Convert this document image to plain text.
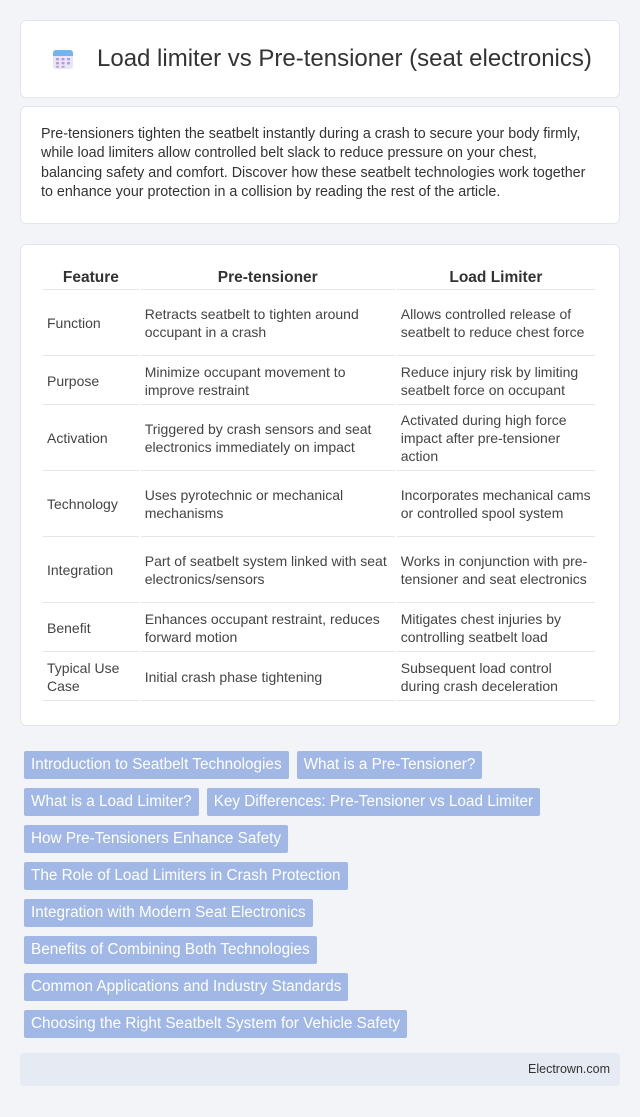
Load limiter vs Pre-tensioner (seat electronics)

Pre-tensioners tighten the seatbelt instantly during a crash to secure your body firmly, while load limiters allow controlled belt slack to reduce pressure on your chest, balancing safety and comfort. Discover how these seatbelt technologies work together to enhance your protection in a collision by reading the rest of the article.

Feature	Pre-tensioner	Load Limiter
Function	Retracts seatbelt to tighten around occupant in a crash	Allows controlled release of seatbelt to reduce chest force
Purpose	Minimize occupant movement to improve restraint	Reduce injury risk by limiting seatbelt force on occupant
Activation	Triggered by crash sensors and seat electronics immediately on impact	Activated during high force impact after pre-tensioner action
Technology	Uses pyrotechnic or mechanical mechanisms	Incorporates mechanical cams or controlled spool system
Integration	Part of seatbelt system linked with seat electronics/sensors	Works in conjunction with pre-tensioner and seat electronics
Benefit	Enhances occupant restraint, reduces forward motion	Mitigates chest injuries by controlling seatbelt load
Typical Use Case	Initial crash phase tightening	Subsequent load control during crash deceleration
Introduction to Seatbelt Technologies	What is a Pre-Tensioner?
What is a Load Limiter?	Key Differences: Pre-Tensioner vs Load Limiter
How Pre-Tensioners Enhance Safety
The Role of Load Limiters in Crash Protection
Integration with Modern Seat Electronics
Benefits of Combining Both Technologies
Common Applications and Industry Standards
Choosing the Right Seatbelt System for Vehicle Safety
Electrown.com
